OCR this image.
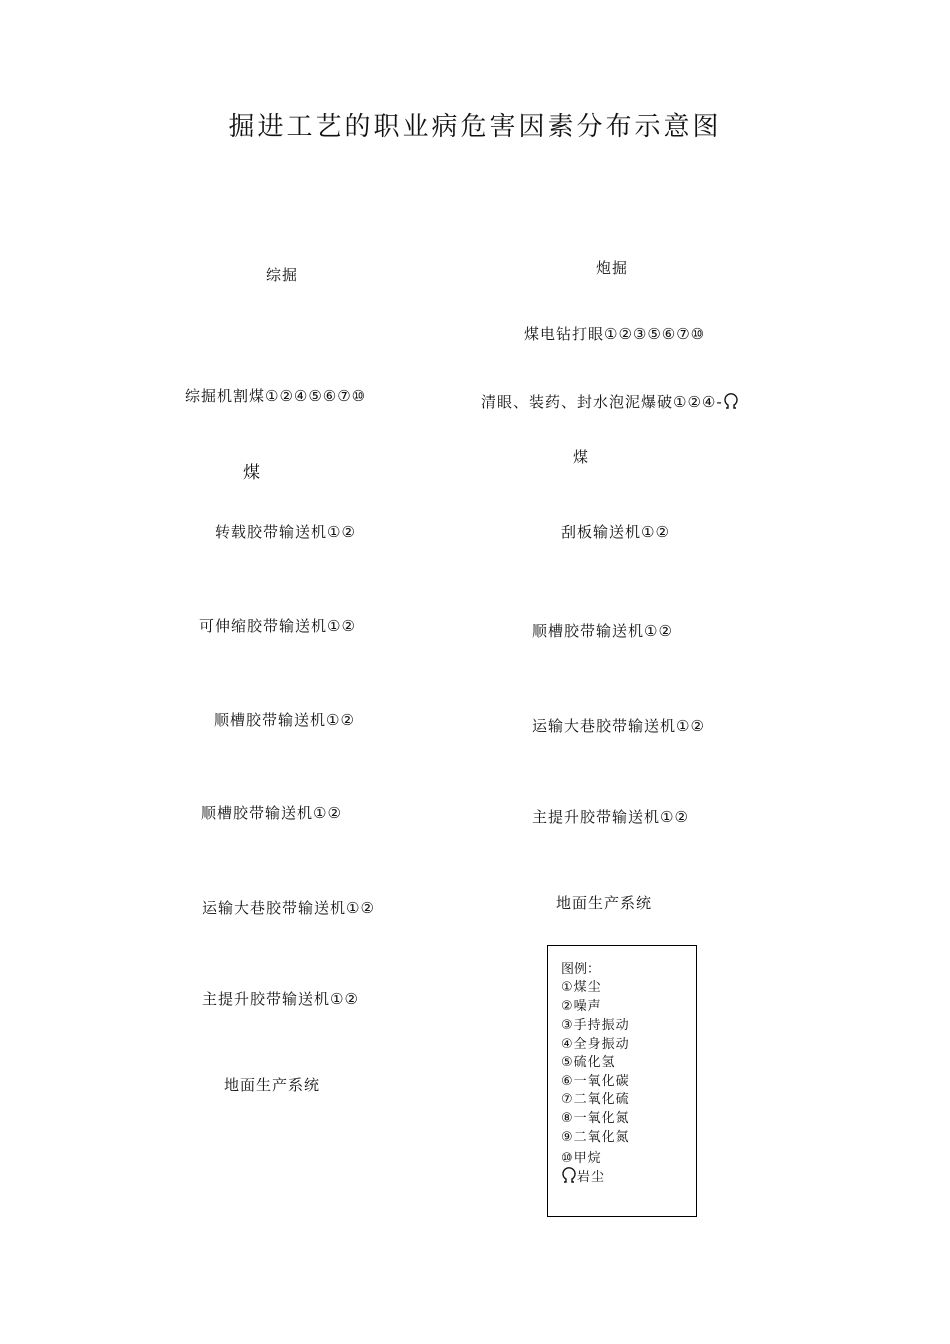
掘进工艺的职业病危害因素分布示意图
综掘
综掘机割煤①②④⑤⑥⑦⑩
煤
转载胶带输送机①②
可伸缩胶带输送机①②
顺槽胶带输送机①②
顺槽胶带输送机①②
运输大巷胶带输送机①②
主提升胶带输送机①②
地面生产系统
炮掘
煤电钻打眼①②③⑤⑥⑦⑩
清眼、装药、封水泡泥爆破①②④-
煤
刮板输送机①②
顺槽胶带输送机①②
运输大巷胶带输送机①②
主提升胶带输送机①②
地面生产系统
图例：
①煤尘
②噪声
③手持振动
④全身振动
⑤硫化氢
⑥一氧化碳
⑦二氧化硫
⑧一氧化氮
⑨二氧化氮
⑩甲烷
岩尘
